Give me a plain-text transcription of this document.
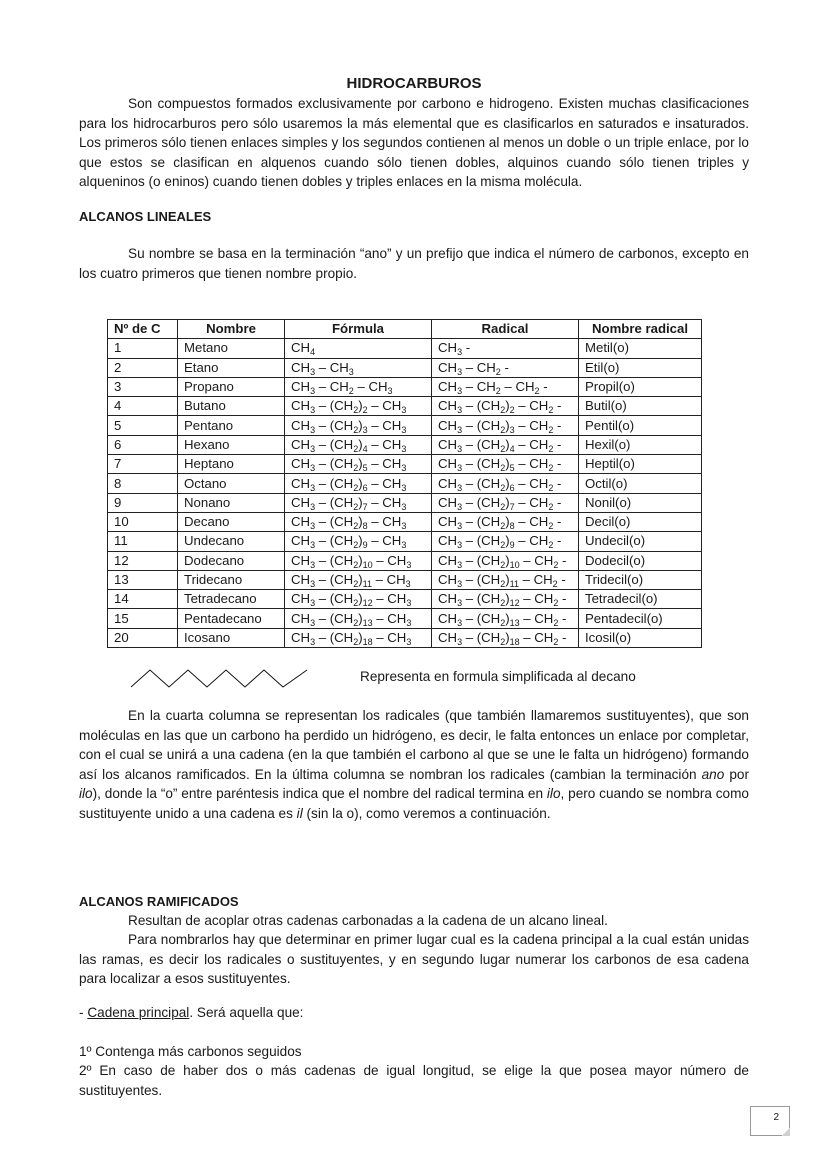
HIDROCARBUROS

Son compuestos formados exclusivamente por carbono e hidrogeno. Existen muchas clasificaciones para los hidrocarburos pero sólo usaremos la más elemental que es clasificarlos en saturados e insaturados. Los primeros sólo tienen enlaces simples y los segundos contienen al menos un doble o un triple enlace, por lo que estos se clasifican en alquenos cuando sólo tienen dobles, alquinos cuando sólo tienen triples y alqueninos (o eninos) cuando tienen dobles y triples enlaces en la misma molécula.

ALCANOS LINEALES

Su nombre se basa en la terminación “ano” y un prefijo que indica el número de carbonos, excepto en los cuatro primeros que tienen nombre propio.

Nº de C	Nombre	Fórmula	Radical	Nombre radical
1	Metano	$CH_4$	$CH_3$ -	Metil(o)
2	Etano	$CH_3 - CH_3$	$CH_3 - CH_2$ -	Etil(o)
3	Propano	$CH_3 - CH_2 - CH_3$	$CH_3 - CH_2 - CH_2$ -	Propil(o)
4	Butano	$CH_3 - (CH_2)_2 - CH_3$	$CH_3 - (CH_2)_2 - CH_2$ -	Butil(o)
5	Pentano	$CH_3 - (CH_2)_3 - CH_3$	$CH_3 - (CH_2)_3 - CH_2$ -	Pentil(o)
6	Hexano	$CH_3 - (CH_2)_4 - CH_3$	$CH_3 - (CH_2)_4 - CH_2$ -	Hexil(o)
7	Heptano	$CH_3 - (CH_2)_5 - CH_3$	$CH_3 - (CH_2)_5 - CH_2$ -	Heptil(o)
8	Octano	$CH_3 - (CH_2)_6 - CH_3$	$CH_3 - (CH_2)_6 - CH_2$ -	Octil(o)
9	Nonano	$CH_3 - (CH_2)_7 - CH_3$	$CH_3 - (CH_2)_7 - CH_2$ -	Nonil(o)
10	Decano	$CH_3 - (CH_2)_8 - CH_3$	$CH_3 - (CH_2)_8 - CH_2$ -	Decil(o)
11	Undecano	$CH_3 - (CH_2)_9 - CH_3$	$CH_3 - (CH_2)_9 - CH_2$ -	Undecil(o)
12	Dodecano	$CH_3 - (CH_2)_{10} - CH_3$	$CH_3 - (CH_2)_{10} - CH_2$ -	Dodecil(o)
13	Tridecano	$CH_3 - (CH_2)_{11} - CH_3$	$CH_3 - (CH_2)_{11} - CH_2$ -	Tridecil(o)
14	Tetradecano	$CH_3 - (CH_2)_{12} - CH_3$	$CH_3 - (CH_2)_{12} - CH_2$ -	Tetradecil(o)
15	Pentadecano	$CH_3 - (CH_2)_{13} - CH_3$	$CH_3 - (CH_2)_{13} - CH_2$ -	Pentadecil(o)
20	Icosano	$CH_3 - (CH_2)_{18} - CH_3$	$CH_3 - (CH_2)_{18} - CH_2$ -	Icosil(o)
Representa en formula simplificada al decano

En la cuarta columna se representan los radicales (que también llamaremos sustituyentes), que son moléculas en las que un carbono ha perdido un hidrógeno, es decir, le falta entonces un enlace por completar, con el cual se unirá a una cadena (en la que también el carbono al que se une le falta un hidrógeno) formando así los alcanos ramificados. En la última columna se nombran los radicales (cambian la terminación ano por ilo), donde la “o” entre paréntesis indica que el nombre del radical termina en ilo, pero cuando se nombra como sustituyente unido a una cadena es il (sin la o), como veremos a continuación.

ALCANOS RAMIFICADOS

Resultan de acoplar otras cadenas carbonadas a la cadena de un alcano lineal.

Para nombrarlos hay que determinar en primer lugar cual es la cadena principal a la cual están unidas las ramas, es decir los radicales o sustituyentes, y en segundo lugar numerar los carbonos de esa cadena para localizar a esos sustituyentes.

- Cadena principal. Será aquella que:

1º Contenga más carbonos seguidos

2º En caso de haber dos o más cadenas de igual longitud, se elige la que posea mayor número de sustituyentes.

2
